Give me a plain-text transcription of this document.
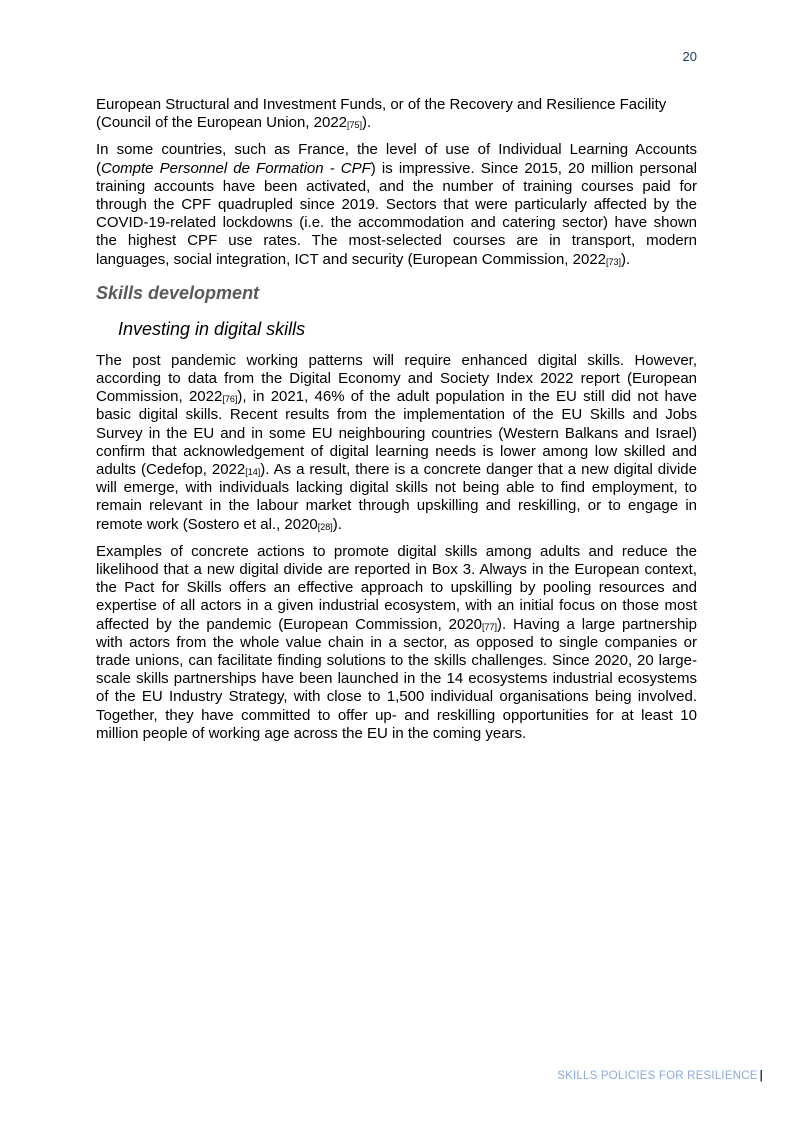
20

European Structural and Investment Funds, or of the Recovery and Resilience Facility (Council of the European Union, $2022_{[75]}$).

In some countries, such as France, the level of use of Individual Learning Accounts (Compte Personnel de Formation - CPF) is impressive. Since 2015, 20 million personal training accounts have been activated, and the number of training courses paid for through the CPF quadrupled since 2019. Sectors that were particularly affected by the COVID-19-related lockdowns (i.e. the accommodation and catering sector) have shown the highest CPF use rates. The most-selected courses are in transport, modern languages, social integration, ICT and security (European Commission, $2022_{[73]}$).

Skills development
Investing in digital skills

The post pandemic working patterns will require enhanced digital skills. However, according to data from the Digital Economy and Society Index 2022 report (European Commission, $2022_{[76]}$), in 2021, 46% of the adult population in the EU still did not have basic digital skills. Recent results from the implementation of the EU Skills and Jobs Survey in the EU and in some EU neighbouring countries (Western Balkans and Israel) confirm that acknowledgement of digital learning needs is lower among low skilled and adults (Cedefop, $2022_{[14]}$). As a result, there is a concrete danger that a new digital divide will emerge, with individuals lacking digital skills not being able to find employment, to remain relevant in the labour market through upskilling and reskilling, or to engage in remote work (Sostero et al., $2020_{[28]}$).

Examples of concrete actions to promote digital skills among adults and reduce the likelihood that a new digital divide are reported in Box 3. Always in the European context, the Pact for Skills offers an effective approach to upskilling by pooling resources and expertise of all actors in a given industrial ecosystem, with an initial focus on those most affected by the pandemic (European Commission, $2020_{[77]}$). Having a large partnership with actors from the whole value chain in a sector, as opposed to single companies or trade unions, can facilitate finding solutions to the skills challenges. Since 2020, 20 large-scale skills partnerships have been launched in the 14 ecosystems industrial ecosystems of the EU Industry Strategy, with close to 1,500 individual organisations being involved. Together, they have committed to offer up- and reskilling opportunities for at least 10 million people of working age across the EU in the coming years.

SKILLS POLICIES FOR RESILIENCE |
